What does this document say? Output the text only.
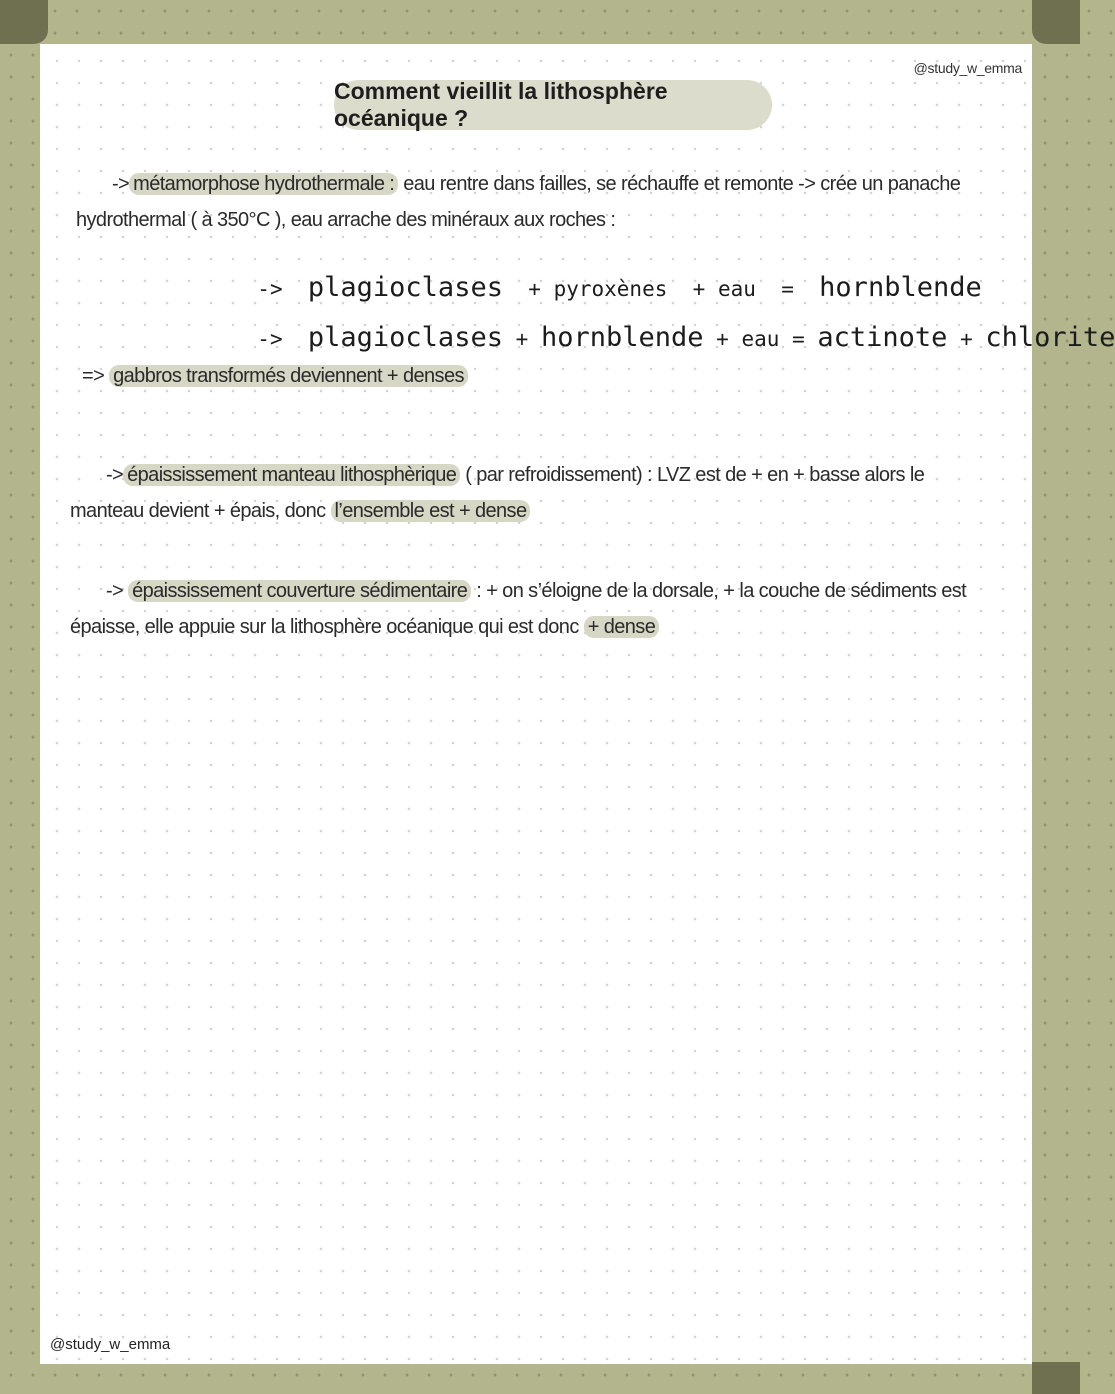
@study_w_emma
Comment vieillit la lithosphère océanique ?
-> métamorphose hydrothermale : eau rentre dans failles, se réchauffe et remonte -> crée un panache
hydrothermal ( à 350°C ), eau arrache des minéraux aux roches :

-> plagioclases + pyroxènes + eau = hornblende

-> plagioclases + hornblende + eau = actinote + chlorite

=> gabbros transformés deviennent + denses
-> épaississement manteau lithosphèrique ( par refroidissement) : LVZ est de + en + basse alors le
manteau devient + épais, donc l’ensemble est + dense
-> épaississement couverture sédimentaire : + on s’éloigne de la dorsale, + la couche de sédiments est
épaisse, elle appuie sur la lithosphère océanique qui est donc + dense
@study_w_emma
